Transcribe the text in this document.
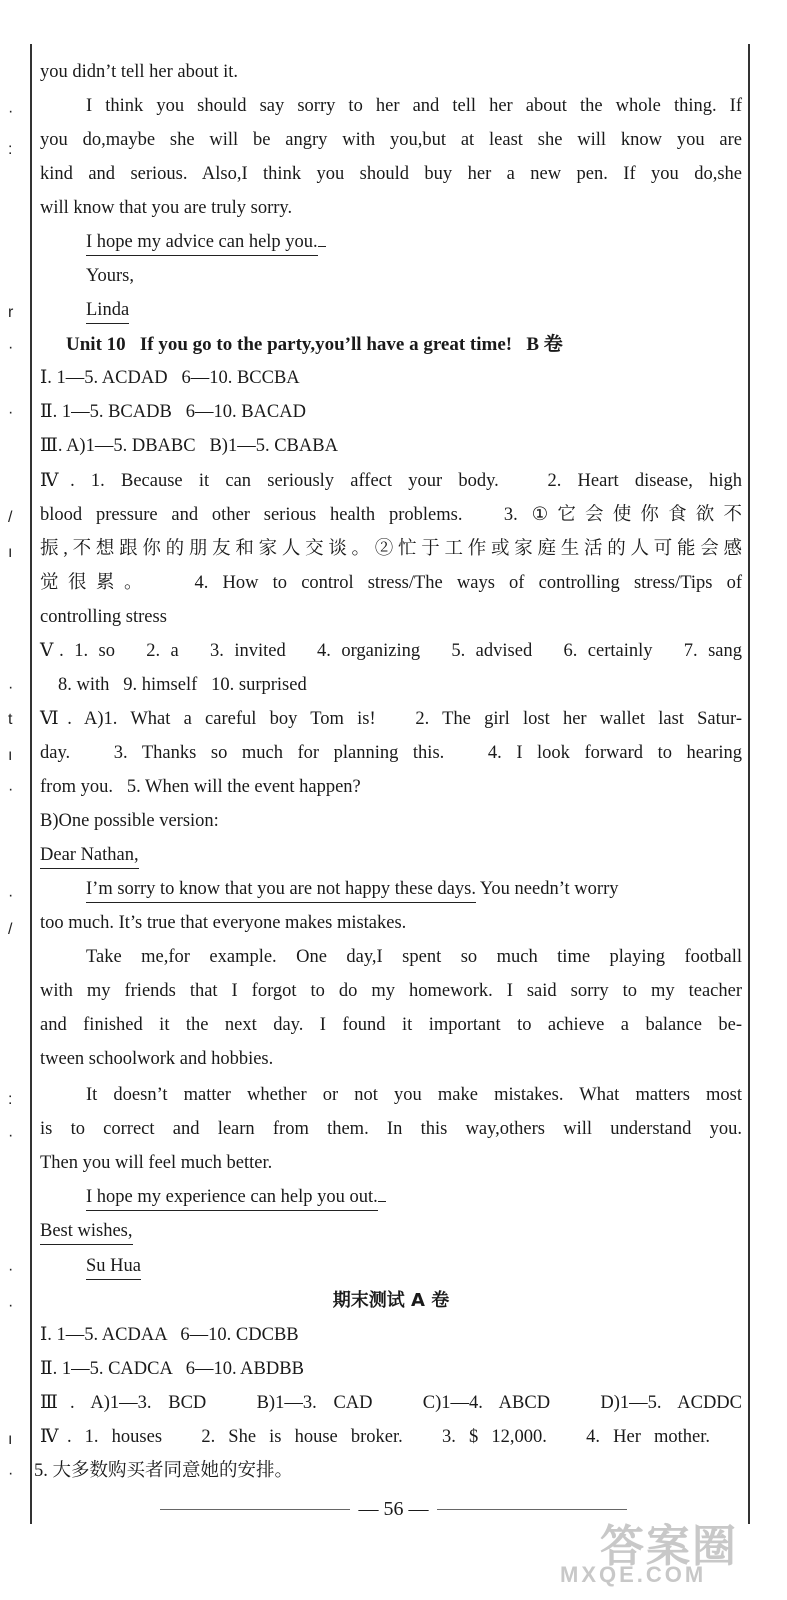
·
:
r
·
·
/
ı
·
t
ı
·
·
/
:
·
·
·
ı
·
you didn’t tell her about it.
I think you should say sorry to her and tell her about the whole thing. If
you do,maybe she will be angry with you,but at least she will know you are
kind and serious. Also,I think you should buy her a new pen. If you do,she
will know that you are truly sorry.
I hope my advice can help you.
Yours,
Linda
Unit 10   If you go to the party,you’ll have a great time!   B 卷
Ⅰ. 1—5. ACDAD   6—10. BCCBA
Ⅱ. 1—5. BCADB   6—10. BACAD
Ⅲ. A)1—5. DBABC   B)1—5. CBABA
Ⅳ. 1. Because it can seriously affect your body.   2. Heart disease, high
blood pressure and other serious health problems.   3. ①它会使你食欲不
振,不想跟你的朋友和家人交谈。②忙于工作或家庭生活的人可能会感
觉很累。   4. How to control stress/The ways of controlling stress/Tips of
controlling stress
Ⅴ. 1. so   2. a   3. invited   4. organizing   5. advised   6. certainly   7. sang
8. with   9. himself   10. surprised
Ⅵ. A)1. What a careful boy Tom is!   2. The girl lost her wallet last Satur-
day.   3. Thanks so much for planning this.   4. I look forward to hearing
from you.   5. When will the event happen?
B)One possible version:
Dear Nathan,
I’m sorry to know that you are not happy these days. You needn’t worry
too much. It’s true that everyone makes mistakes.
Take me,for example. One day,I spent so much time playing football
with my friends that I forgot to do my homework. I said sorry to my teacher
and finished it the next day. I found it important to achieve a balance be-
tween schoolwork and hobbies.
It doesn’t matter whether or not you make mistakes. What matters most
is to correct and learn from them. In this way,others will understand you.
Then you will feel much better.
I hope my experience can help you out.
Best wishes,
Su Hua
期末测试 A 卷
Ⅰ. 1—5. ACDAA   6—10. CDCBB
Ⅱ. 1—5. CADCA   6—10. ABDBB
Ⅲ. A)1—3. BCD   B)1—3. CAD   C)1—4. ABCD   D)1—5. ACDDC
Ⅳ. 1. houses   2. She is house broker.   3. $ 12,000.   4. Her mother.
5. 大多数购买者同意她的安排。
— 56 —
答案圈
MXQE.COM
